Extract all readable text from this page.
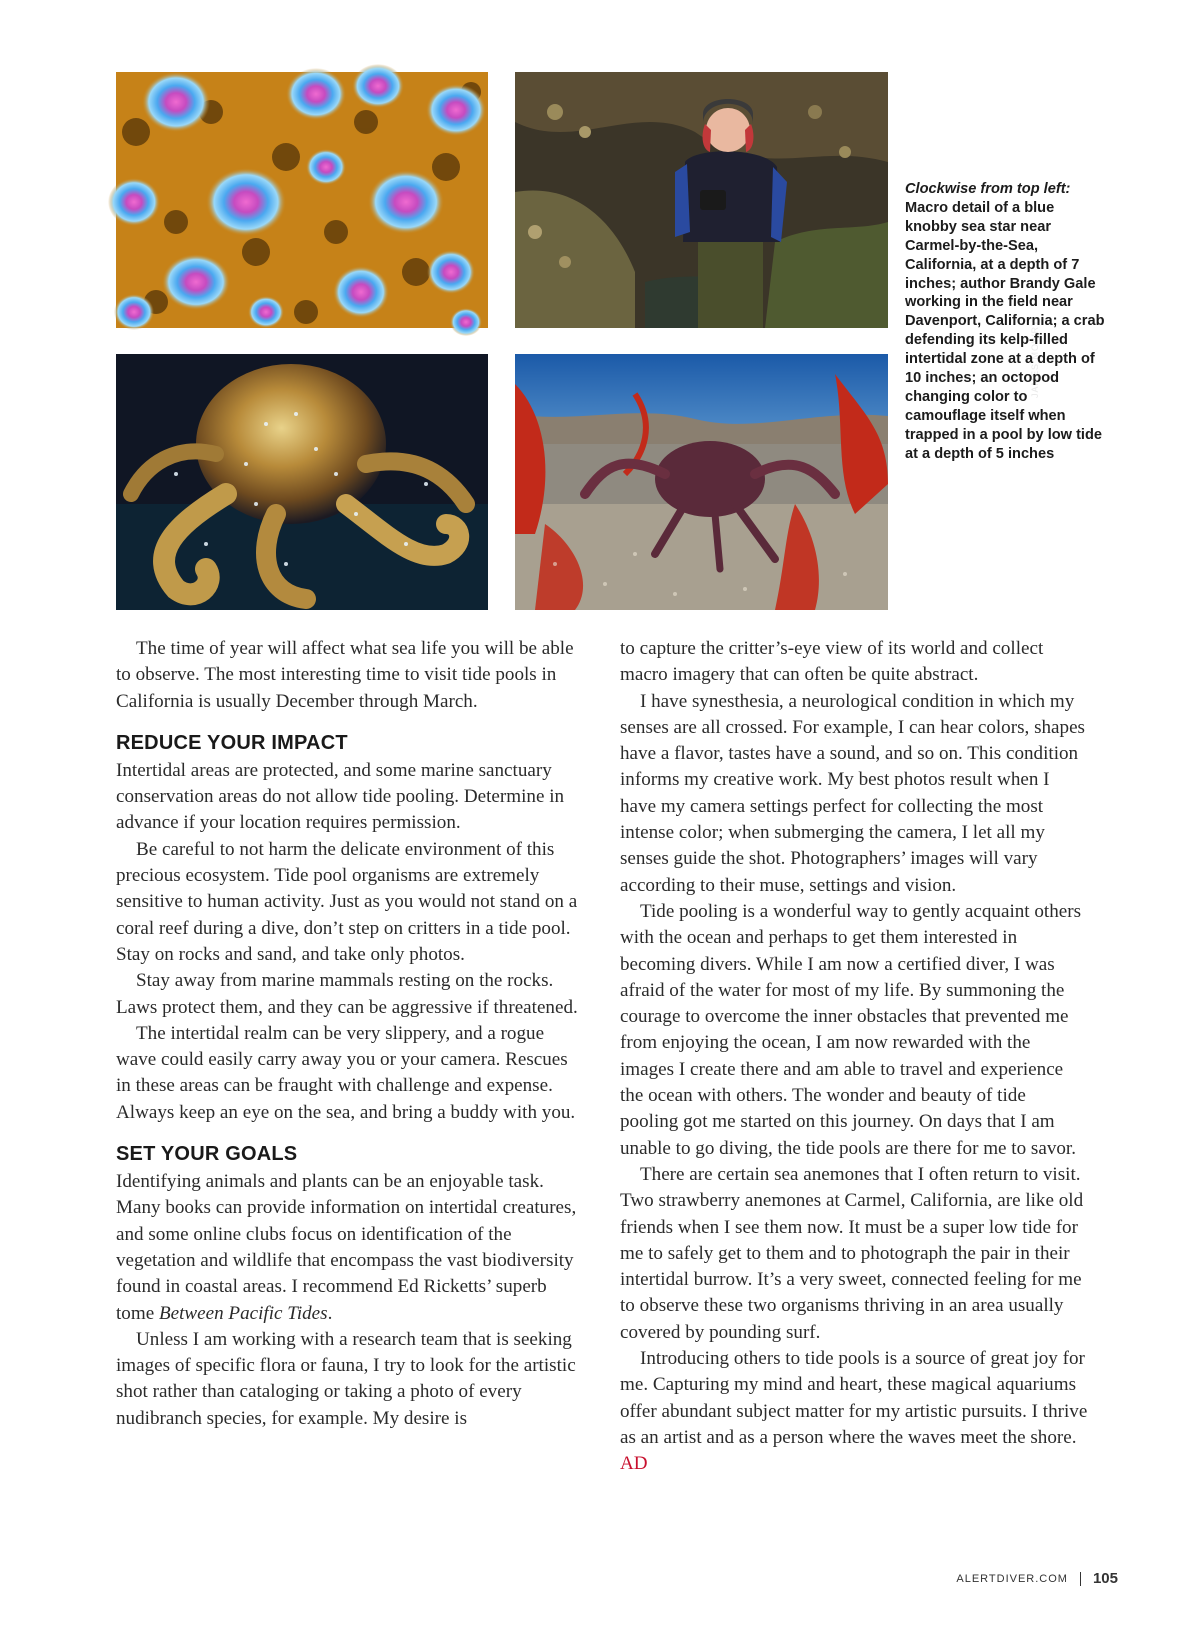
JAMES MOWRY
Clockwise from top left:
Macro detail of a blue knobby sea star near Carmel-by-the-Sea, California, at a depth of 7 inches; author Brandy Gale working in the field near Davenport, California; a crab defending its kelp-filled intertidal zone at a depth of 10 inches; an octopod changing color to camouflage itself when trapped in a pool by low tide at a depth of 5 inches

The time of year will affect what sea life you will be able to observe. The most interesting time to visit tide pools in California is usually December through March.

REDUCE YOUR IMPACT

Intertidal areas are protected, and some marine sanctuary conservation areas do not allow tide pooling. Determine in advance if your location requires permission.

Be careful to not harm the delicate environment of this precious ecosystem. Tide pool organisms are extremely sensitive to human activity. Just as you would not stand on a coral reef during a dive, don’t step on critters in a tide pool. Stay on rocks and sand, and take only photos.

Stay away from marine mammals resting on the rocks. Laws protect them, and they can be aggressive if threatened.

The intertidal realm can be very slippery, and a rogue wave could easily carry away you or your camera. Rescues in these areas can be fraught with challenge and expense. Always keep an eye on the sea, and bring a buddy with you.

SET YOUR GOALS

Identifying animals and plants can be an enjoyable task. Many books can provide information on intertidal creatures, and some online clubs focus on identification of the vegetation and wildlife that encompass the vast biodiversity found in coastal areas. I recommend Ed Ricketts’ superb tome Between Pacific Tides.

Unless I am working with a research team that is seeking images of specific flora or fauna, I try to look for the artistic shot rather than cataloging or taking a photo of every nudibranch species, for example. My desire is

to capture the critter’s-eye view of its world and collect macro imagery that can often be quite abstract.

I have synesthesia, a neurological condition in which my senses are all crossed. For example, I can hear colors, shapes have a flavor, tastes have a sound, and so on. This condition informs my creative work. My best photos result when I have my camera settings perfect for collecting the most intense color; when submerging the camera, I let all my senses guide the shot. Photographers’ images will vary according to their muse, settings and vision.

Tide pooling is a wonderful way to gently acquaint others with the ocean and perhaps to get them interested in becoming divers. While I am now a certified diver, I was afraid of the water for most of my life. By summoning the courage to overcome the inner obstacles that prevented me from enjoying the ocean, I am now rewarded with the images I create there and am able to travel and experience the ocean with others. The wonder and beauty of tide pooling got me started on this journey. On days that I am unable to go diving, the tide pools are there for me to savor.

There are certain sea anemones that I often return to visit. Two strawberry anemones at Carmel, California, are like old friends when I see them now. It must be a super low tide for me to safely get to them and to photograph the pair in their intertidal burrow. It’s a very sweet, connected feeling for me to observe these two organisms thriving in an area usually covered by pounding surf.

Introducing others to tide pools is a source of great joy for me. Capturing my mind and heart, these magical aquariums offer abundant subject matter for my artistic pursuits. I thrive as an artist and as a person where the waves meet the shore. AD

ALERTDIVER.COM 105
